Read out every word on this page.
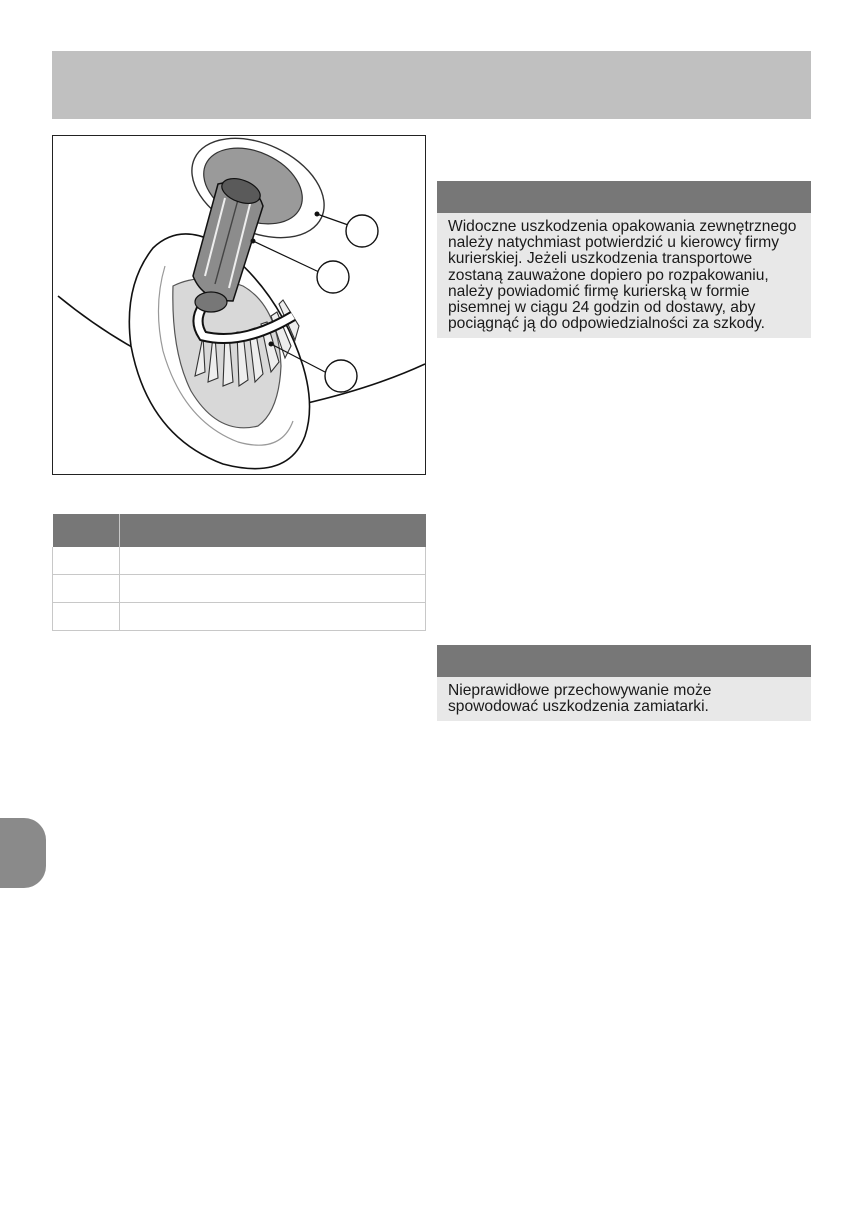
Widoczne uszkodzenia opakowania zewnętrznego należy natychmiast potwierdzić u kierowcy firmy kurierskiej. Jeżeli uszkodzenia transportowe zostaną zauważone dopiero po rozpakowaniu, należy powiadomić firmę kurierską w formie pisemnej w ciągu 24 godzin od dostawy, aby pociągnąć ją do odpowiedzialności za szkody.
Nieprawidłowe przechowywanie może spowodować uszkodzenia zamiatarki.
